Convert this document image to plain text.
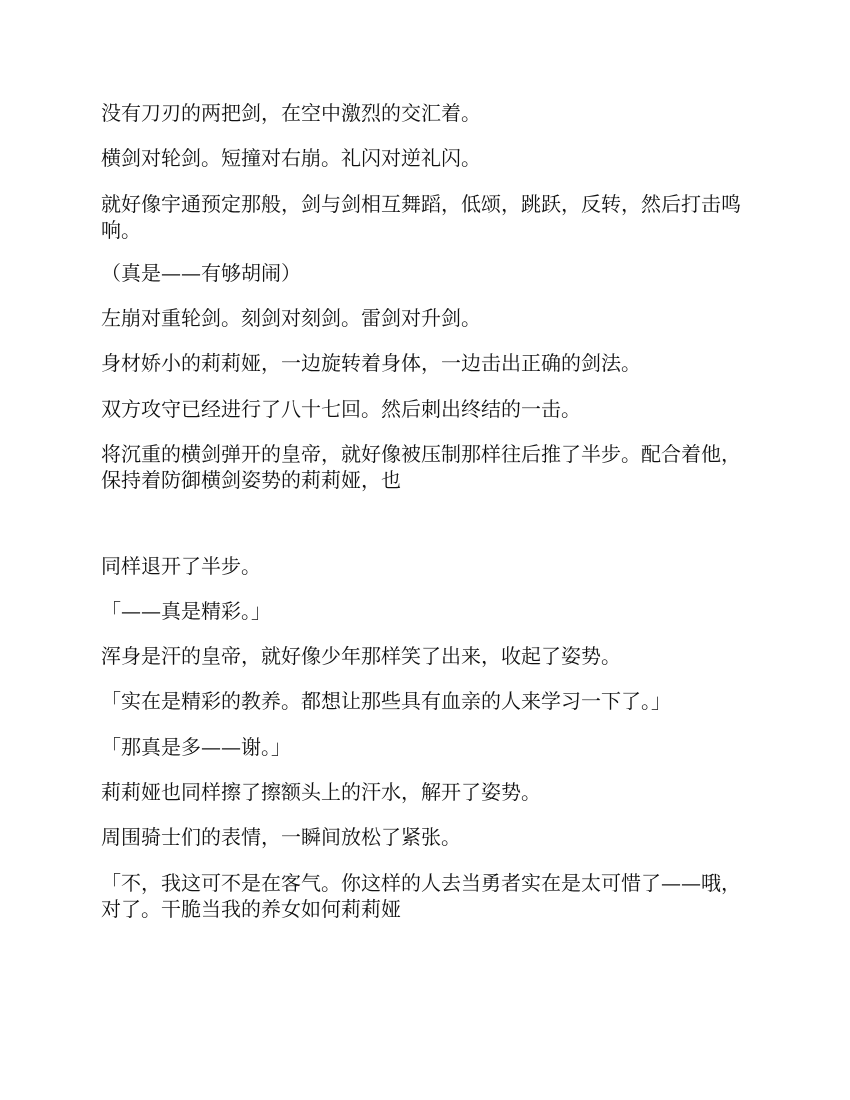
没有刀刃的两把剑，在空中激烈的交汇着。

横剑对轮剑。短撞对右崩。礼闪对逆礼闪。

就好像宇通预定那般，剑与剑相互舞蹈，低颂，跳跃，反转，然后打击鸣响。

（真是——有够胡闹）

左崩对重轮剑。刻剑对刻剑。雷剑对升剑。

身材娇小的莉莉娅，一边旋转着身体，一边击出正确的剑法。

双方攻守已经进行了八十七回。然后刺出终结的一击。

将沉重的横剑弹开的皇帝，就好像被压制那样往后推了半步。配合着他，保持着防御横剑姿势的莉莉娅，也

同样退开了半步。

「——真是精彩。」

浑身是汗的皇帝，就好像少年那样笑了出来，收起了姿势。

「实在是精彩的教养。都想让那些具有血亲的人来学习一下了。」

「那真是多——谢。」

莉莉娅也同样擦了擦额头上的汗水，解开了姿势。

周围骑士们的表情，一瞬间放松了紧张。

「不，我这可不是在客气。你这样的人去当勇者实在是太可惜了——哦，对了。干脆当我的养女如何莉莉娅
